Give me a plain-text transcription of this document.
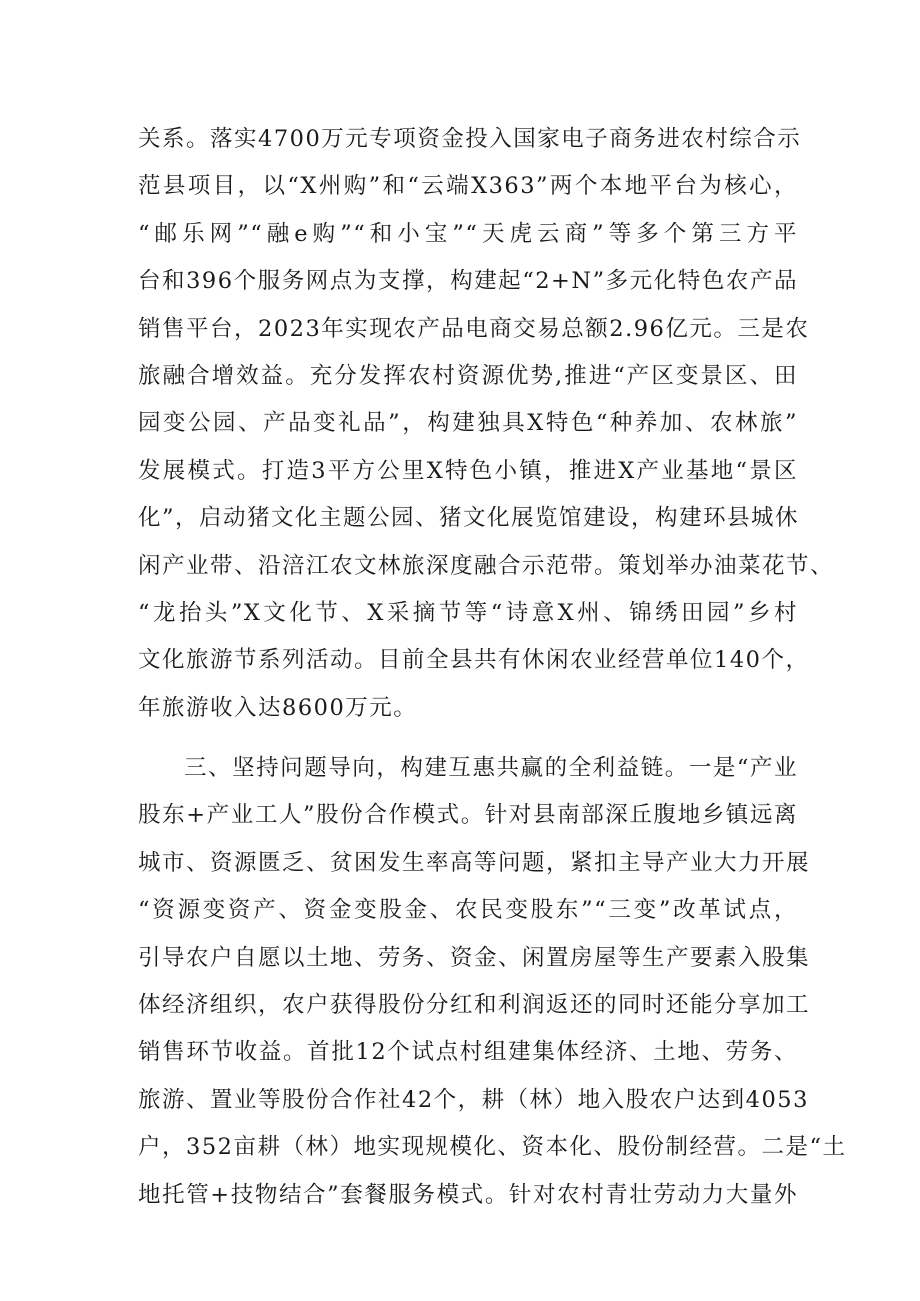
关系。落实4700万元专项资金投入国家电子商务进农村综合示
范县项目，以“X州购”和“云端X363”两个本地平台为核心，
“邮乐网”“融e购”“和小宝”“天虎云商”等多个第三方平
台和396个服务网点为支撑，构建起“2+N”多元化特色农产品
销售平台，2023年实现农产品电商交易总额2.96亿元。三是农
旅融合增效益。充分发挥农村资源优势,推进“产区变景区、田
园变公园、产品变礼品”，构建独具X特色“种养加、农林旅”
发展模式。打造3平方公里X特色小镇，推进X产业基地“景区
化”，启动猪文化主题公园、猪文化展览馆建设，构建环县城休
闲产业带、沿涪江农文林旅深度融合示范带。策划举办油菜花节、
“龙抬头”X文化节、X采摘节等“诗意X州、锦绣田园”乡村
文化旅游节系列活动。目前全县共有休闲农业经营单位140个，
年旅游收入达8600万元。
三、坚持问题导向，构建互惠共赢的全利益链。一是“产业
股东+产业工人”股份合作模式。针对县南部深丘腹地乡镇远离
城市、资源匮乏、贫困发生率高等问题，紧扣主导产业大力开展
“资源变资产、资金变股金、农民变股东”“三变”改革试点，
引导农户自愿以土地、劳务、资金、闲置房屋等生产要素入股集
体经济组织，农户获得股份分红和利润返还的同时还能分享加工
销售环节收益。首批12个试点村组建集体经济、土地、劳务、
旅游、置业等股份合作社42个，耕（林）地入股农户达到4053
户，352亩耕（林）地实现规模化、资本化、股份制经营。二是“土
地托管+技物结合”套餐服务模式。针对农村青壮劳动力大量外
